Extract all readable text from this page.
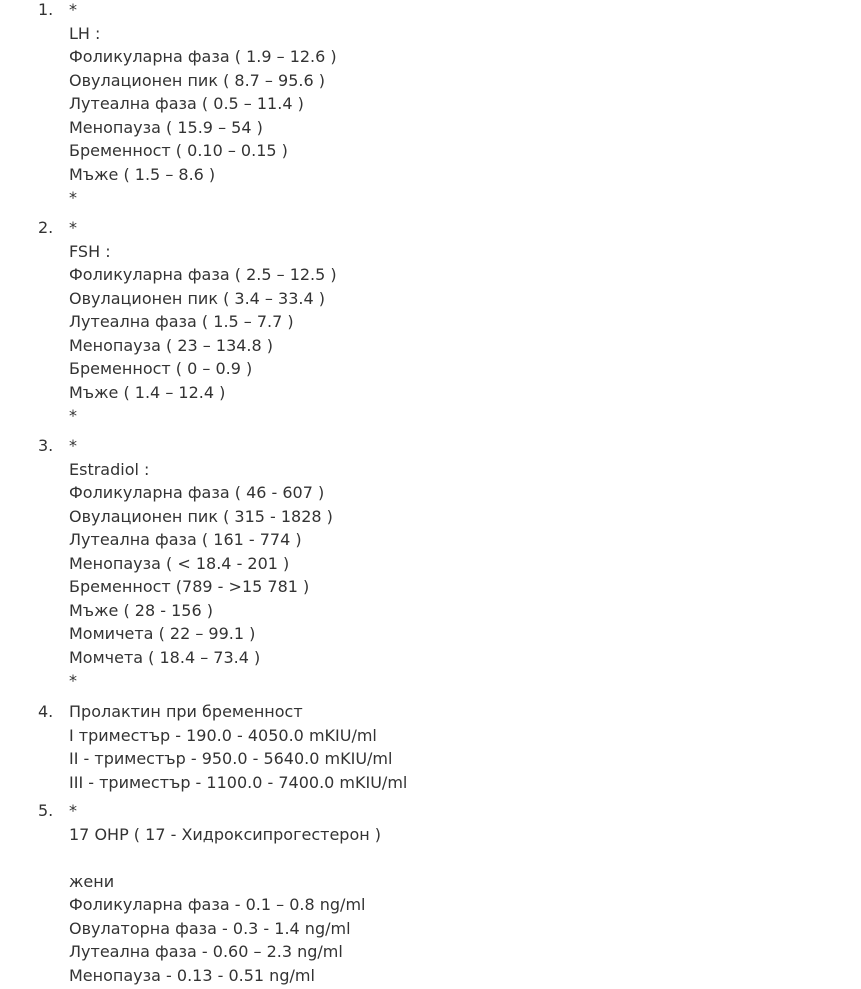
1. *
LH :
Фоликуларна фаза ( 1.9 – 12.6 )
Овулационен пик ( 8.7 – 95.6 )
Лутеална фаза ( 0.5 – 11.4 )
Менопауза ( 15.9 – 54 )
Бременност ( 0.10 – 0.15 )
Мъже ( 1.5 – 8.6 )
*
2. *
FSH :
Фоликуларна фаза ( 2.5 – 12.5 )
Овулационен пик ( 3.4 – 33.4 )
Лутеална фаза ( 1.5 – 7.7 )
Менопауза ( 23 – 134.8 )
Бременност ( 0 – 0.9 )
Мъже ( 1.4 – 12.4 )
*
3. *
Estradiol :
Фоликуларна фаза ( 46 - 607 )
Овулационен пик ( 315 - 1828 )
Лутеална фаза ( 161 - 774 )
Менопауза ( < 18.4 - 201 )
Бременност (789 - >15 781 )
Мъже ( 28 - 156 )
Момичета ( 22 – 99.1 )
Момчета ( 18.4 – 73.4 )
*
4. Пролактин при бременност
I триместър - 190.0 - 4050.0 mKIU/ml
II - триместър - 950.0 - 5640.0 mKIU/ml
III - триместър - 1100.0 - 7400.0 mKIU/ml
5. *
17 OHP ( 17 - Хидроксипрогестерон )
жени
Фоликуларна фаза - 0.1 – 0.8 ng/ml
Овулаторна фаза - 0.3 - 1.4 ng/ml
Лутеална фаза - 0.60 – 2.3 ng/ml
Менопауза - 0.13 - 0.51 ng/ml
